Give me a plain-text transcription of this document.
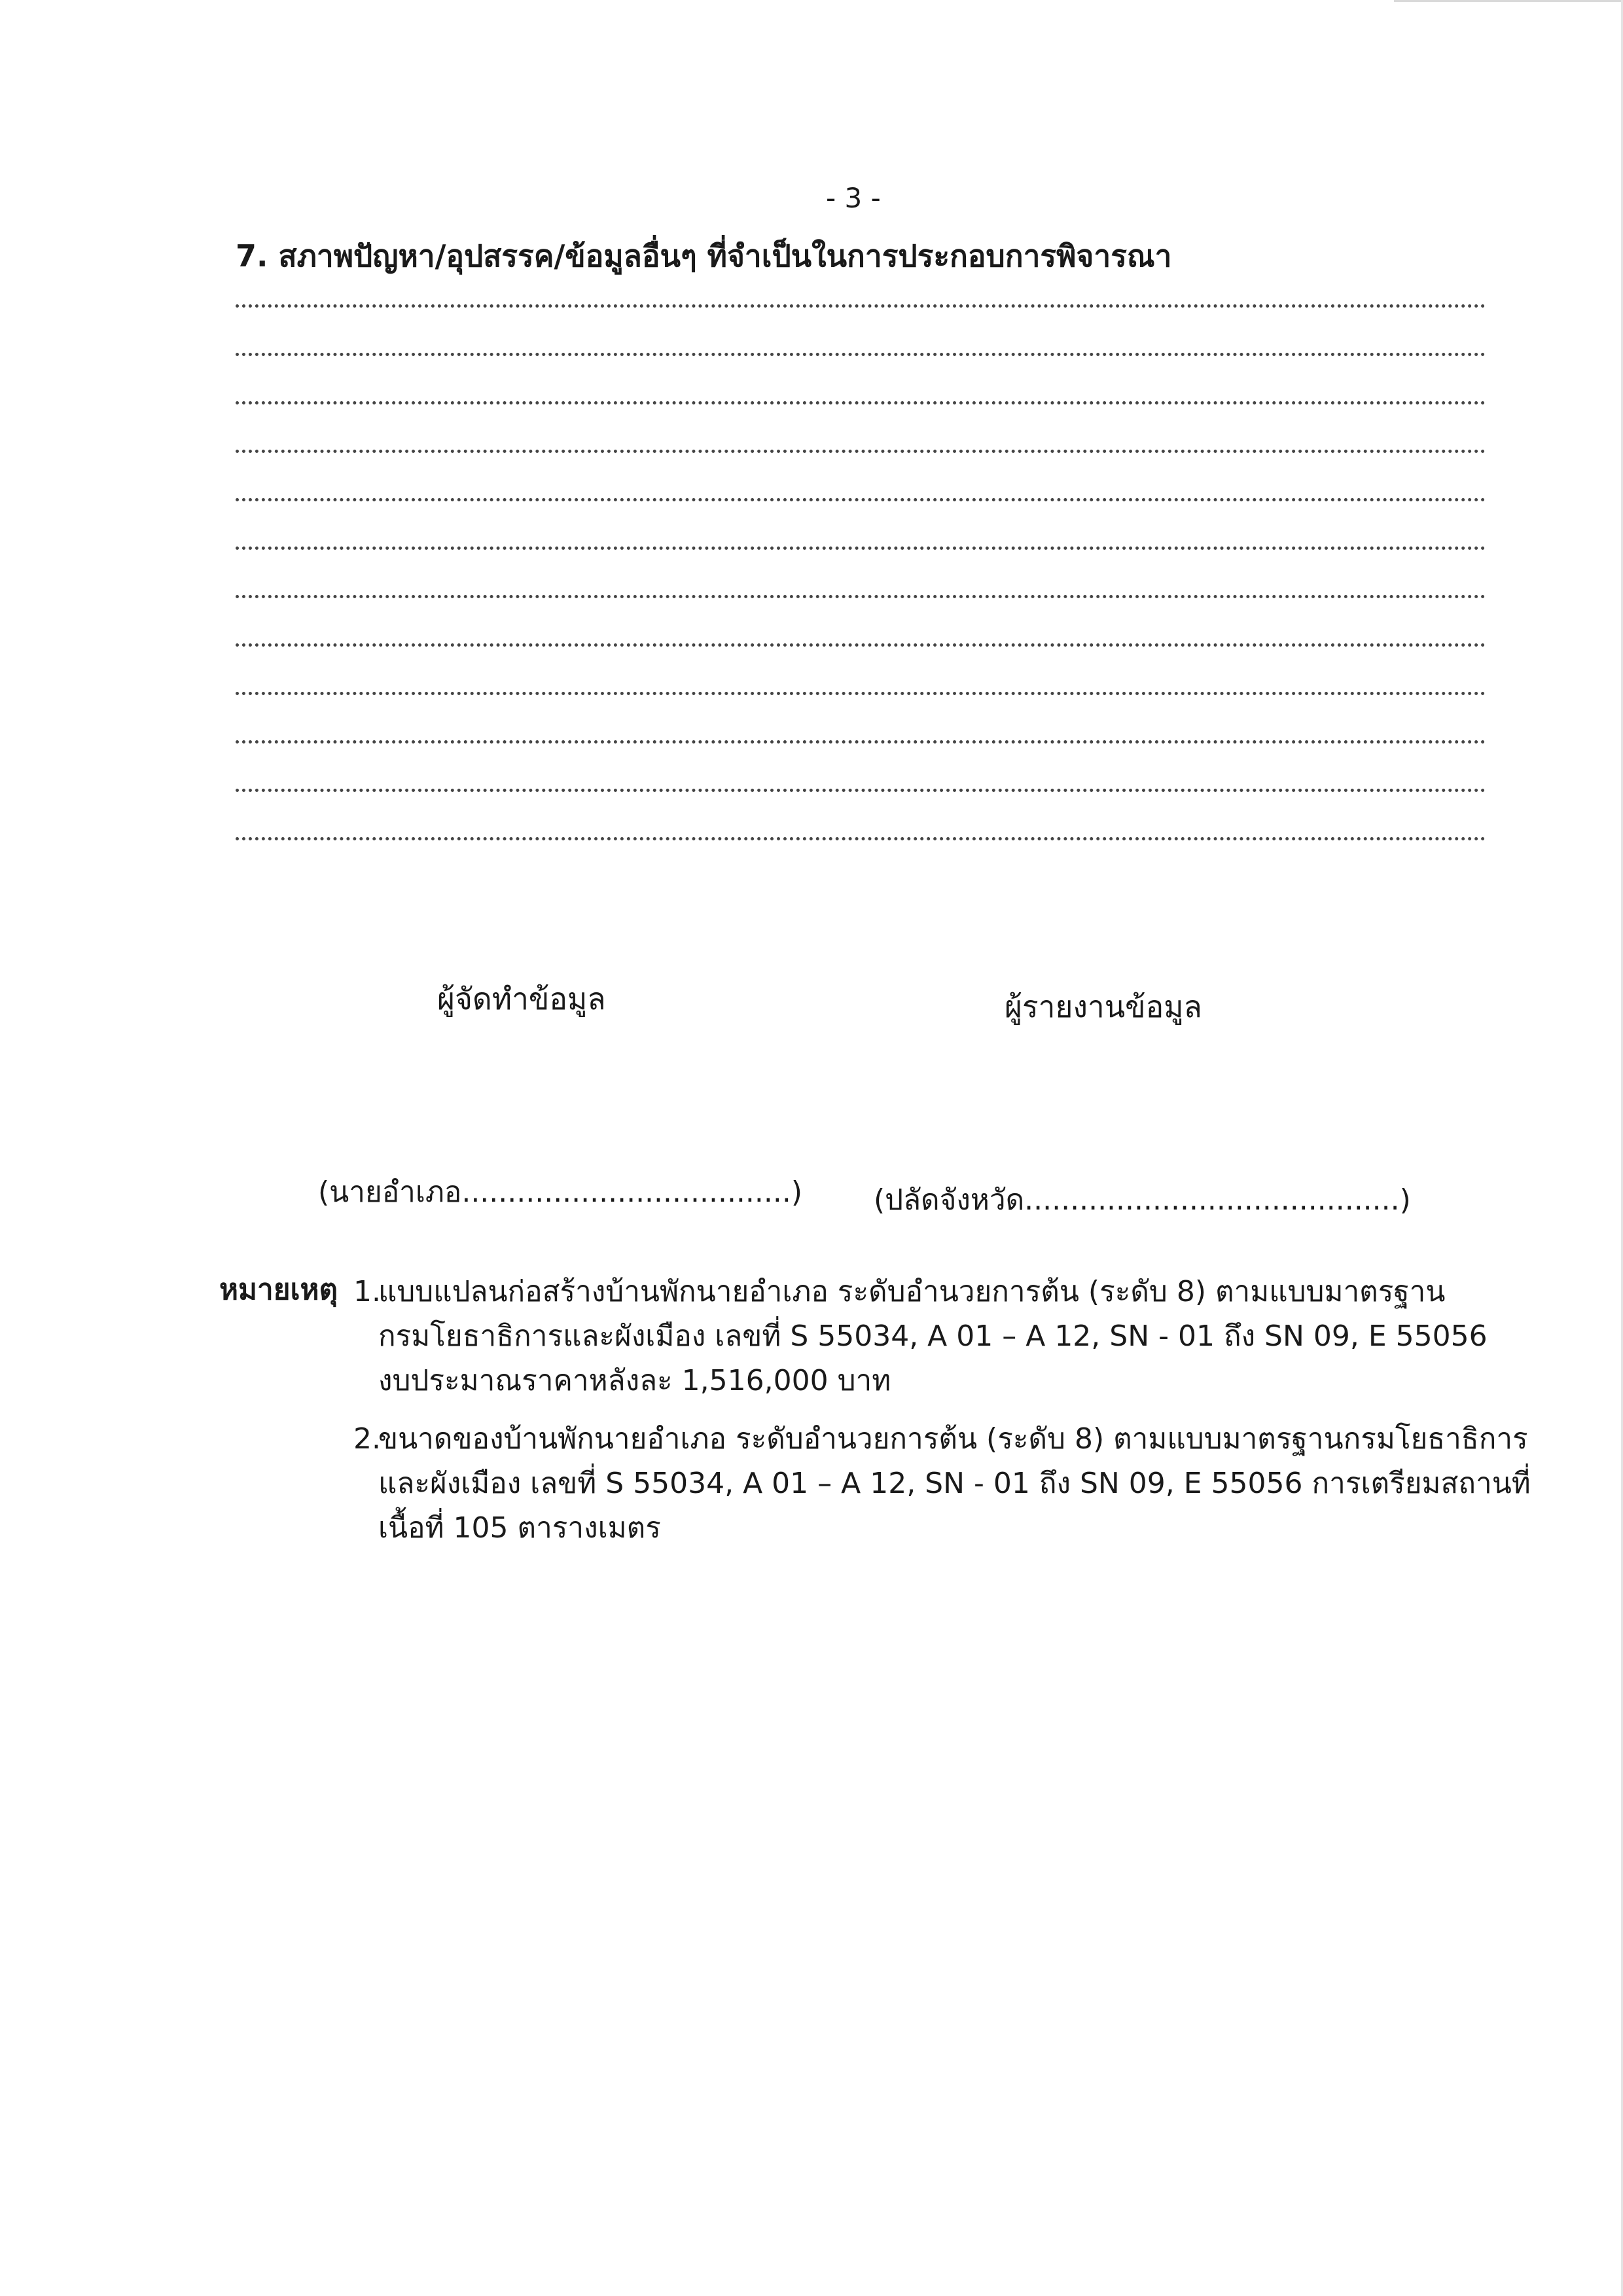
- 3 -
7. สภาพปัญหา/อุปสรรค/ข้อมูลอื่นๆ ที่จำเป็นในการประกอบการพิจารณา
ผู้จัดทำข้อมูล	ผู้รายงานข้อมูล
(นายอำเภอ....................................) (ปลัดจังหวัด.........................................)
หมายเหตุ 1.แบบแปลนก่อสร้างบ้านพักนายอำเภอ ระดับอำนวยการต้น (ระดับ 8) ตามแบบมาตรฐาน
กรมโยธาธิการและผังเมือง เลขที่ S 55034, A 01 – A 12, SN - 01 ถึง SN 09, E 55056
งบประมาณราคาหลังละ 1,516,000 บาท
2.ขนาดของบ้านพักนายอำเภอ ระดับอำนวยการต้น (ระดับ 8) ตามแบบมาตรฐานกรมโยธาธิการ
และผังเมือง เลขที่ S 55034, A 01 – A 12, SN - 01 ถึง SN 09, E 55056 การเตรียมสถานที่
เนื้อที่ 105 ตารางเมตร
